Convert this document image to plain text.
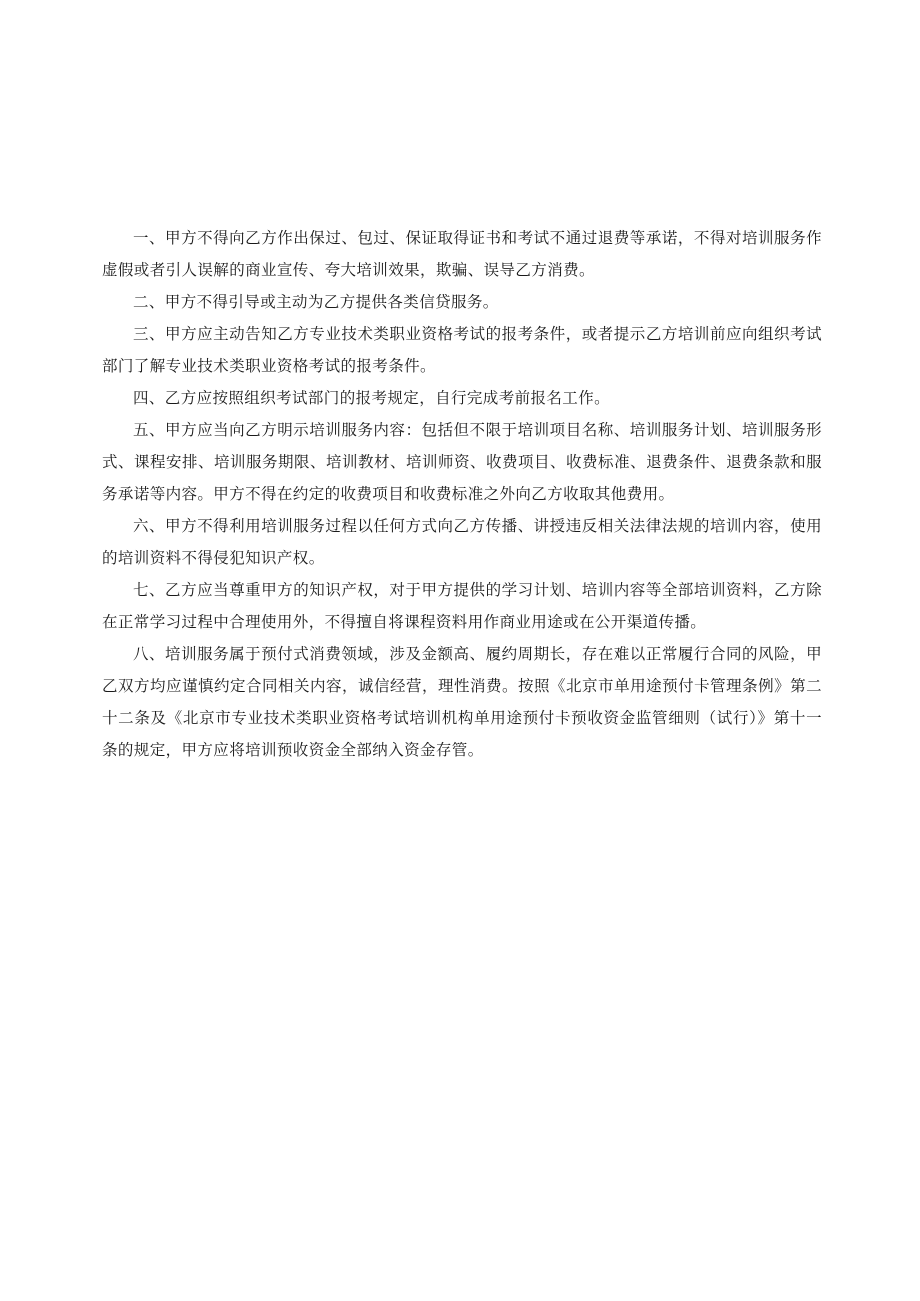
一、甲方不得向乙方作出保过、包过、保证取得证书和考试不通过退费等承诺，不得对培训服务作虚假或者引人误解的商业宣传、夸大培训效果，欺骗、误导乙方消费。

二、甲方不得引导或主动为乙方提供各类信贷服务。

三、甲方应主动告知乙方专业技术类职业资格考试的报考条件，或者提示乙方培训前应向组织考试部门了解专业技术类职业资格考试的报考条件。

四、乙方应按照组织考试部门的报考规定，自行完成考前报名工作。

五、甲方应当向乙方明示培训服务内容：包括但不限于培训项目名称、培训服务计划、培训服务形式、课程安排、培训服务期限、培训教材、培训师资、收费项目、收费标准、退费条件、退费条款和服务承诺等内容。甲方不得在约定的收费项目和收费标准之外向乙方收取其他费用。

六、甲方不得利用培训服务过程以任何方式向乙方传播、讲授违反相关法律法规的培训内容，使用的培训资料不得侵犯知识产权。

七、乙方应当尊重甲方的知识产权，对于甲方提供的学习计划、培训内容等全部培训资料，乙方除在正常学习过程中合理使用外，不得擅自将课程资料用作商业用途或在公开渠道传播。

八、培训服务属于预付式消费领域，涉及金额高、履约周期长，存在难以正常履行合同的风险，甲乙双方均应谨慎约定合同相关内容，诚信经营，理性消费。按照《北京市单用途预付卡管理条例》第二十二条及《北京市专业技术类职业资格考试培训机构单用途预付卡预收资金监管细则（试行）》第十一条的规定，甲方应将培训预收资金全部纳入资金存管。
